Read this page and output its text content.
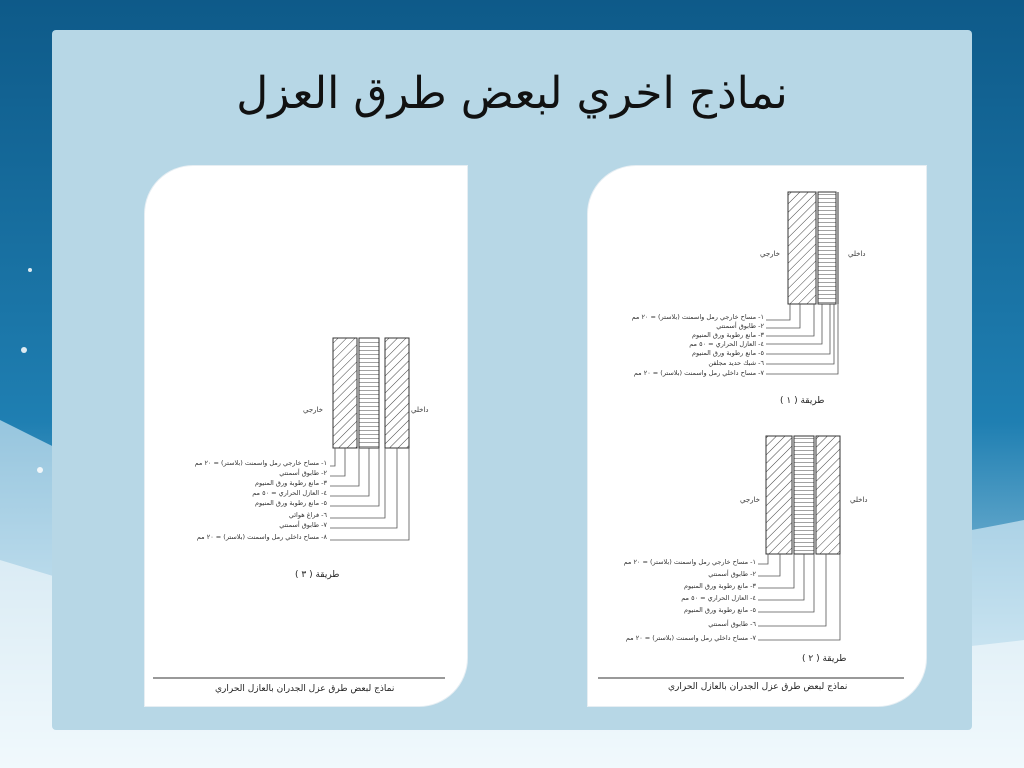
نماذج اخري لبعض طرق العزل
خارجي	داخلي
١- مساح خارجي رمل واسمنت (بلاستر) = ٢٠ مم
٢- طابوق أسمنتي
٣- مانع رطوبة ورق المنيوم
٤- العازل الحراري = ٥٠ مم
٥- مانع رطوبة ورق المنيوم
٦- فراغ هوائي
٧- طابوق أسمنتي
٨- مساح داخلي رمل واسمنت (بلاستر) = ٢٠ مم
طريقة ( ٣ )
نماذج لبعض طرق عزل الجدران بالعازل الحراري
خارجي	داخلي
١- مساح خارجي رمل واسمنت (بلاستر) = ٢٠ مم
٢- طابوق أسمنتي
٣- مانع رطوبة ورق المنيوم
٤- العازل الحراري = ٥٠ مم
٥- مانع رطوبة ورق المنيوم
٦- شبك حديد مجلفن
٧- مساح داخلي رمل واسمنت (بلاستر) = ٢٠ مم
طريقة ( ١ )
خارجي	داخلي
١- مساح خارجي رمل واسمنت (بلاستر) = ٢٠ مم
٢- طابوق أسمنتي
٣- مانع رطوبة ورق المنيوم
٤- العازل الحراري = ٥٠ مم
٥- مانع رطوبة ورق المنيوم
٦- طابوق أسمنتي
٧- مساح داخلي رمل واسمنت (بلاستر) = ٢٠ مم
طريقة ( ٢ )
نماذج لبعض طرق عزل الجدران بالعازل الحراري
